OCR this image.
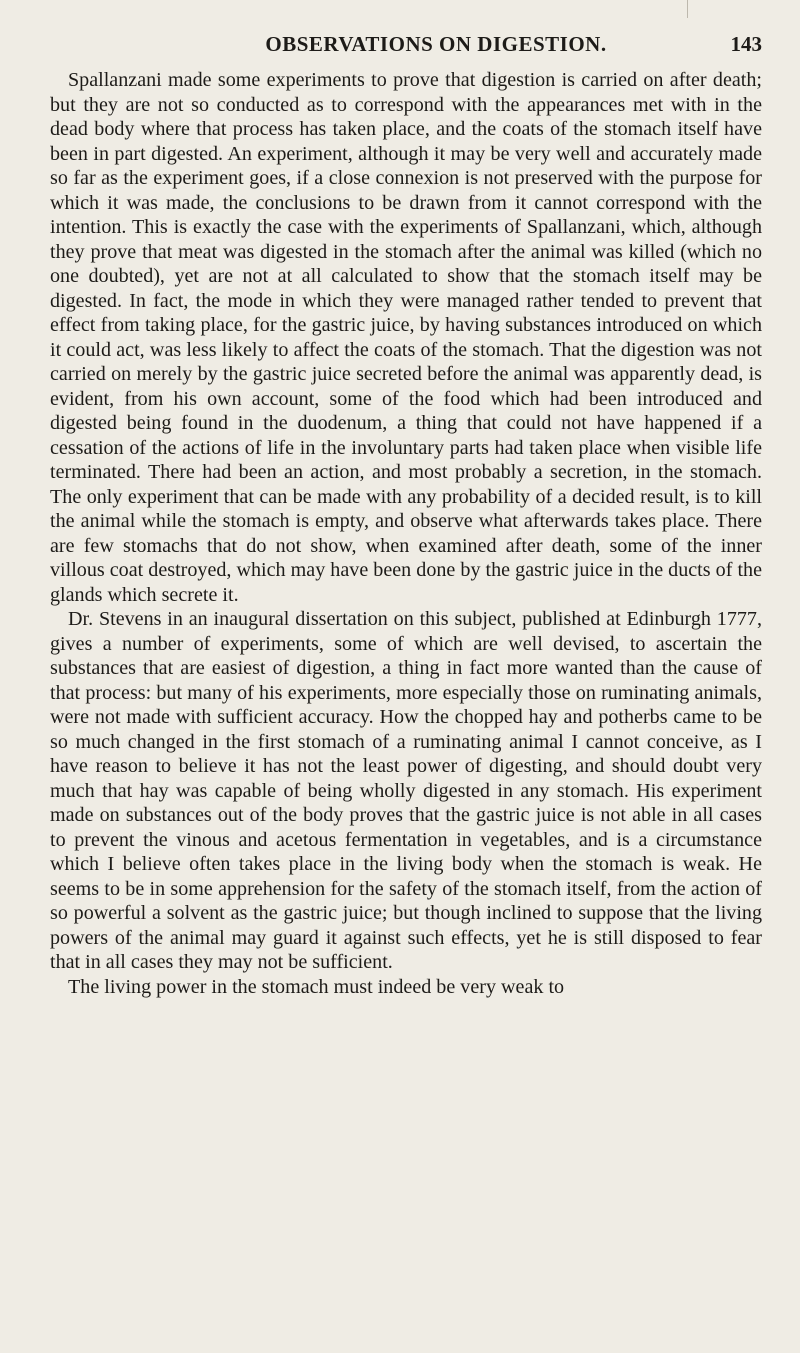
OBSERVATIONS ON DIGESTION.	143

Spallanzani made some experiments to prove that digestion is carried on after death; but they are not so conducted as to correspond with the appearances met with in the dead body where that process has taken place, and the coats of the stomach itself have been in part digested. An experiment, although it may be very well and accurately made so far as the experiment goes, if a close connexion is not preserved with the purpose for which it was made, the conclusions to be drawn from it cannot correspond with the intention. This is exactly the case with the experiments of Spallanzani, which, although they prove that meat was digested in the stomach after the animal was killed (which no one doubted), yet are not at all calculated to show that the stomach itself may be digested. In fact, the mode in which they were managed rather tended to prevent that effect from taking place, for the gastric juice, by having substances introduced on which it could act, was less likely to affect the coats of the stomach. That the digestion was not carried on merely by the gastric juice secreted before the animal was apparently dead, is evident, from his own account, some of the food which had been introduced and digested being found in the duodenum, a thing that could not have happened if a cessation of the actions of life in the involuntary parts had taken place when visible life terminated. There had been an action, and most probably a secretion, in the stomach. The only experiment that can be made with any probability of a decided result, is to kill the animal while the stomach is empty, and observe what afterwards takes place. There are few stomachs that do not show, when examined after death, some of the inner villous coat destroyed, which may have been done by the gastric juice in the ducts of the glands which secrete it.

Dr. Stevens in an inaugural dissertation on this subject, published at Edinburgh 1777, gives a number of experiments, some of which are well devised, to ascertain the substances that are easiest of digestion, a thing in fact more wanted than the cause of that process: but many of his experiments, more especially those on ruminating animals, were not made with sufficient accuracy. How the chopped hay and potherbs came to be so much changed in the first stomach of a ruminating animal I cannot conceive, as I have reason to believe it has not the least power of digesting, and should doubt very much that hay was capable of being wholly digested in any stomach. His experiment made on substances out of the body proves that the gastric juice is not able in all cases to prevent the vinous and acetous fermentation in vegetables, and is a circumstance which I believe often takes place in the living body when the stomach is weak. He seems to be in some apprehension for the safety of the stomach itself, from the action of so powerful a solvent as the gastric juice; but though inclined to suppose that the living powers of the animal may guard it against such effects, yet he is still disposed to fear that in all cases they may not be sufficient.

The living power in the stomach must indeed be very weak to
